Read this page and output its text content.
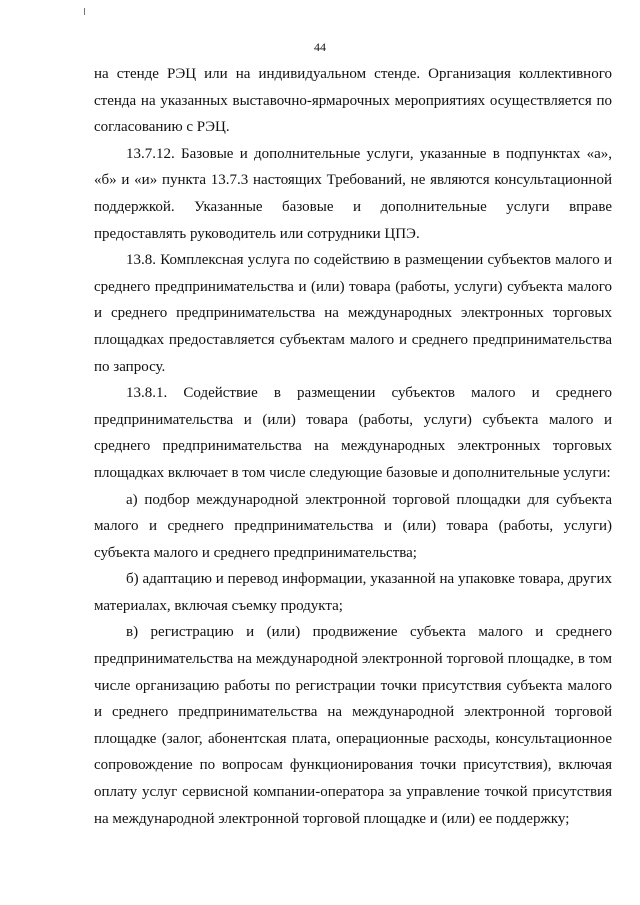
44

на стенде РЭЦ или на индивидуальном стенде. Организация коллективного стенда на указанных выставочно-ярмарочных мероприятиях осуществляется по согласованию с РЭЦ.

13.7.12. Базовые и дополнительные услуги, указанные в подпунктах «а», «б» и «и» пункта 13.7.3 настоящих Требований, не являются консультационной поддержкой. Указанные базовые и дополнительные услуги вправе предоставлять руководитель или сотрудники ЦПЭ.

13.8. Комплексная услуга по содействию в размещении субъектов малого и среднего предпринимательства и (или) товара (работы, услуги) субъекта малого и среднего предпринимательства на международных электронных торговых площадках предоставляется субъектам малого и среднего предпринимательства по запросу.

13.8.1. Содействие в размещении субъектов малого и среднего предпринимательства и (или) товара (работы, услуги) субъекта малого и среднего предпринимательства на международных электронных торговых площадках включает в том числе следующие базовые и дополнительные услуги:

а) подбор международной электронной торговой площадки для субъекта малого и среднего предпринимательства и (или) товара (работы, услуги) субъекта малого и среднего предпринимательства;

б) адаптацию и перевод информации, указанной на упаковке товара, других материалах, включая съемку продукта;

в) регистрацию и (или) продвижение субъекта малого и среднего предпринимательства на международной электронной торговой площадке, в том числе организацию работы по регистрации точки присутствия субъекта малого и среднего предпринимательства на международной электронной торговой площадке (залог, абонентская плата, операционные расходы, консультационное сопровождение по вопросам функционирования точки присутствия), включая оплату услуг сервисной компании-оператора за управление точкой присутствия на международной электронной торговой площадке и (или) ее поддержку;
